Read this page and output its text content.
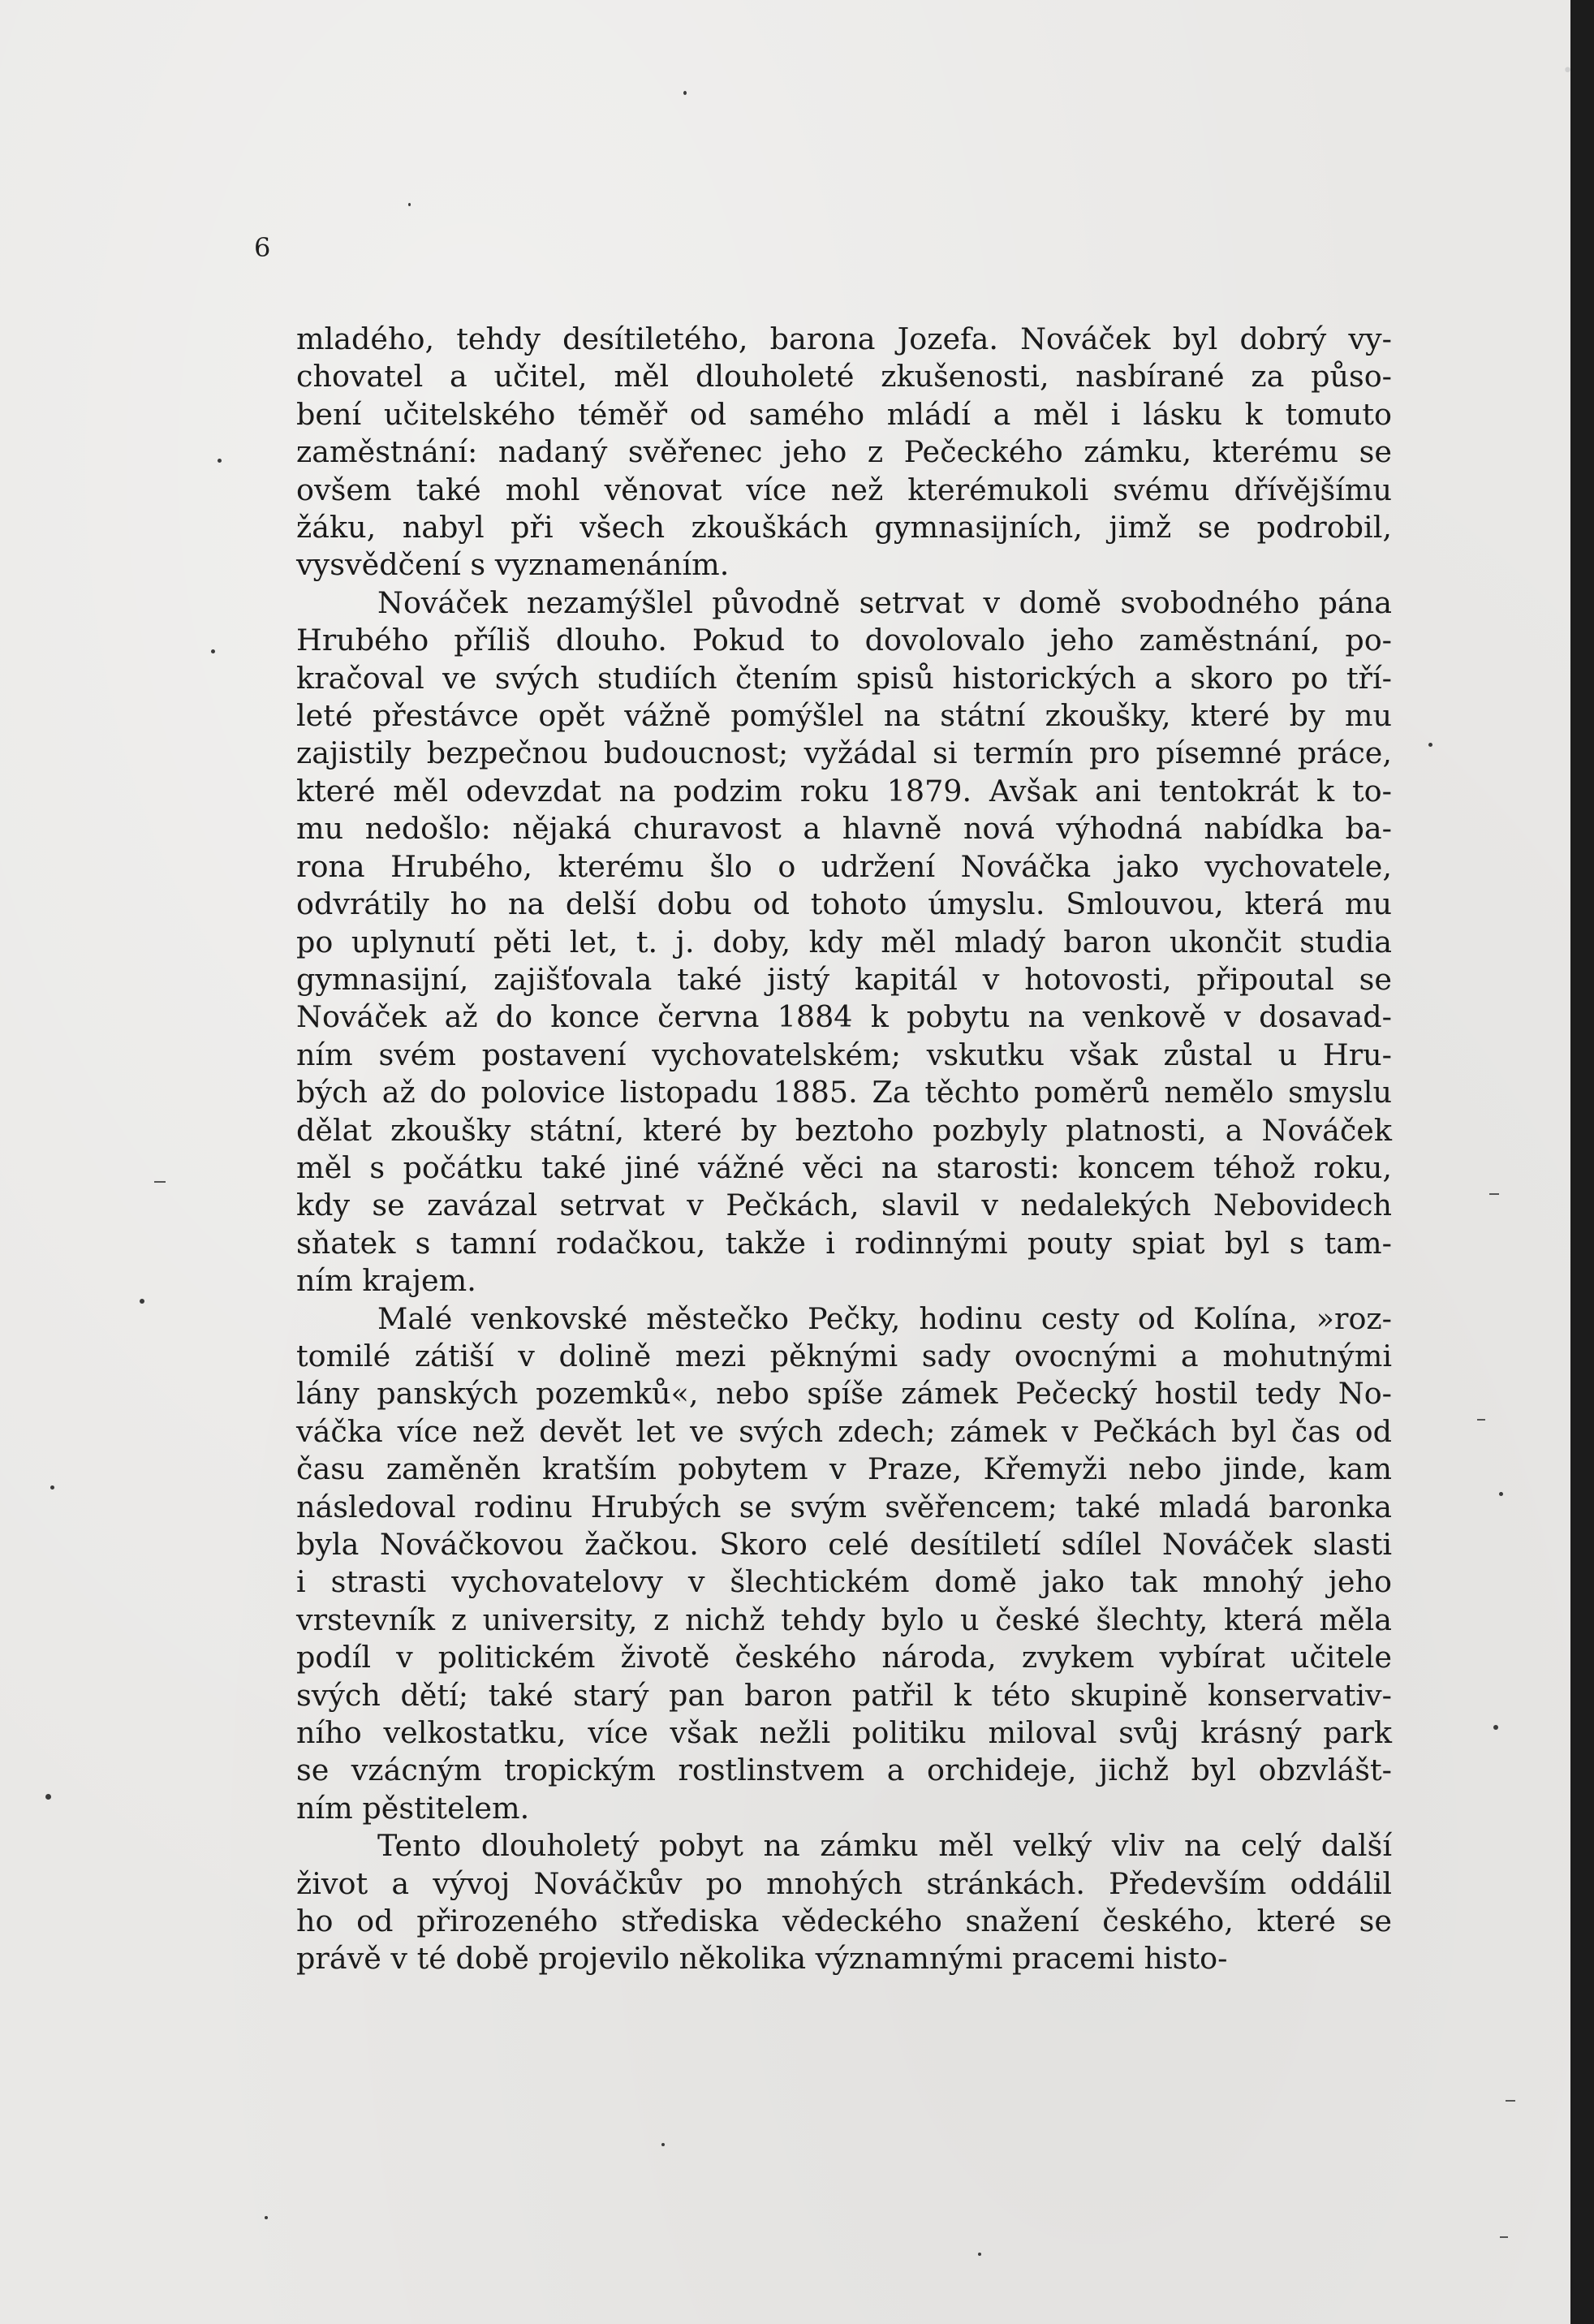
6

mladého, tehdy desítiletého, barona Jozefa. Nováček byl dobrý vy-
chovatel a učitel, měl dlouholeté zkušenosti, nasbírané za půso-
bení učitelského téměř od samého mládí a měl i lásku k tomuto
zaměstnání: nadaný svěřenec jeho z Pečeckého zámku, kterému se
ovšem také mohl věnovat více než kterémukoli svému dřívějšímu
žáku, nabyl při všech zkouškách gymnasijních, jimž se podrobil,
vysvědčení s vyznamenáním.

Nováček nezamýšlel původně setrvat v domě svobodného pána
Hrubého příliš dlouho. Pokud to dovolovalo jeho zaměstnání, po-
kračoval ve svých studiích čtením spisů historických a skoro po tří-
leté přestávce opět vážně pomýšlel na státní zkoušky, které by mu
zajistily bezpečnou budoucnost; vyžádal si termín pro písemné práce,
které měl odevzdat na podzim roku 1879. Avšak ani tentokrát k to-
mu nedošlo: nějaká churavost a hlavně nová výhodná nabídka ba-
rona Hrubého, kterému šlo o udržení Nováčka jako vychovatele,
odvrátily ho na delší dobu od tohoto úmyslu. Smlouvou, která mu
po uplynutí pěti let, t. j. doby, kdy měl mladý baron ukončit studia
gymnasijní, zajišťovala také jistý kapitál v hotovosti, připoutal se
Nováček až do konce června 1884 k pobytu na venkově v dosavad-
ním svém postavení vychovatelském; vskutku však zůstal u Hru-
bých až do polovice listopadu 1885. Za těchto poměrů nemělo smyslu
dělat zkoušky státní, které by beztoho pozbyly platnosti, a Nováček
měl s počátku také jiné vážné věci na starosti: koncem téhož roku,
kdy se zavázal setrvat v Pečkách, slavil v nedalekých Nebovidech
sňatek s tamní rodačkou, takže i rodinnými pouty spiat byl s tam-
ním krajem.

Malé venkovské městečko Pečky, hodinu cesty od Kolína, »roz-
tomilé zátiší v dolině mezi pěknými sady ovocnými a mohutnými
lány panských pozemků«, nebo spíše zámek Pečecký hostil tedy No-
váčka více než devět let ve svých zdech; zámek v Pečkách byl čas od
času zaměněn kratším pobytem v Praze, Křemyži nebo jinde, kam
následoval rodinu Hrubých se svým svěřencem; také mladá baronka
byla Nováčkovou žačkou. Skoro celé desítiletí sdílel Nováček slasti
i strasti vychovatelovy v šlechtickém domě jako tak mnohý jeho
vrstevník z university, z nichž tehdy bylo u české šlechty, která měla
podíl v politickém životě českého národa, zvykem vybírat učitele
svých dětí; také starý pan baron patřil k této skupině konservativ-
ního velkostatku, více však nežli politiku miloval svůj krásný park
se vzácným tropickým rostlinstvem a orchideje, jichž byl obzvlášt-
ním pěstitelem.

Tento dlouholetý pobyt na zámku měl velký vliv na celý další
život a vývoj Nováčkův po mnohých stránkách. Především oddálil
ho od přirozeného střediska vědeckého snažení českého, které se
právě v té době projevilo několika významnými pracemi histo-

•
